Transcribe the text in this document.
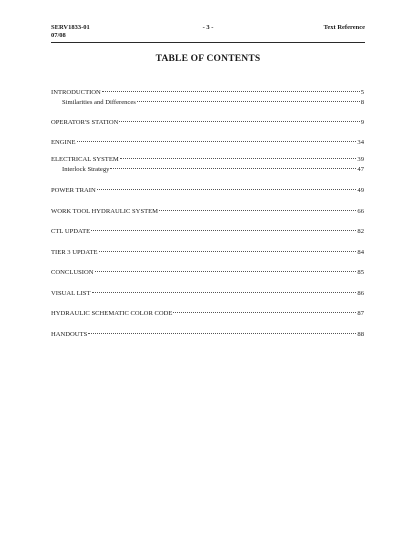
SERV1833-01
07/08
- 3 -	Text Reference
TABLE OF CONTENTS
INTRODUCTION	5
Similarities and Differences	8
OPERATOR'S STATION	9
ENGINE	34
ELECTRICAL SYSTEM	39
Interlock Strategy	47
POWER TRAIN	49
WORK TOOL HYDRAULIC SYSTEM	66
CTL UPDATE	82
TIER 3 UPDATE	84
CONCLUSION	85
VISUAL LIST	86
HYDRAULIC SCHEMATIC COLOR CODE	87
HANDOUTS	88
